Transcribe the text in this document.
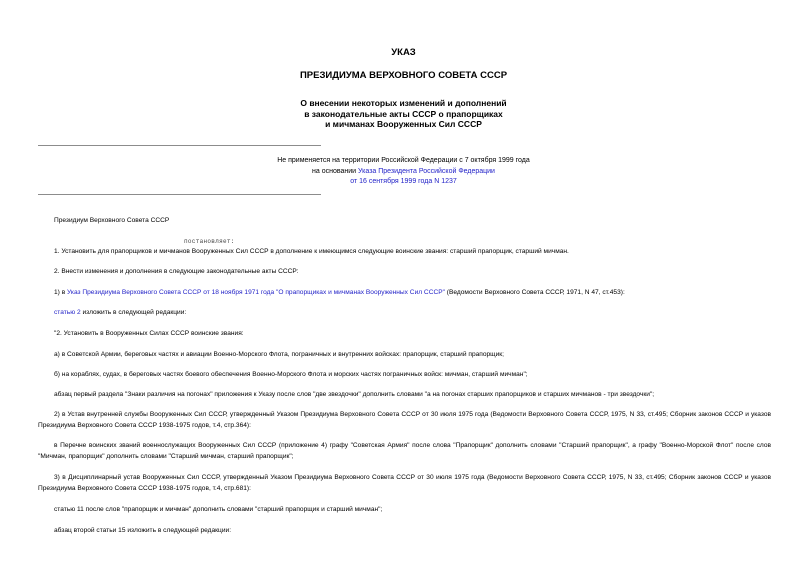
УКАЗ
ПРЕЗИДИУМА ВЕРХОВНОГО СОВЕТА СССР
О внесении некоторых изменений и дополнений
в законодательные акты СССР о прапорщиках
и мичманах Вооруженных Сил СССР
Не применяется на территории Российской Федерации с 7 октября 1999 года
на основании Указа Президента Российской Федерации
от 16 сентября 1999 года N 1237
Президиум Верховного Совета СССР
постановляет:
1. Установить для прапорщиков и мичманов Вооруженных Сил СССР в дополнение к имеющимся следующие воинские звания: старший прапорщик, старший мичман.
2. Внести изменения и дополнения в следующие законодательные акты СССР:
1) в Указ Президиума Верховного Совета СССР от 18 ноября 1971 года "О прапорщиках и мичманах Вооруженных Сил СССР" (Ведомости Верховного Совета СССР, 1971, N 47, ст.453):
статью 2 изложить в следующей редакции:
"2. Установить в Вооруженных Силах СССР воинские звания:
а) в Советской Армии, береговых частях и авиации Военно-Морского Флота, пограничных и внутренних войсках: прапорщик, старший прапорщик;
б) на кораблях, судах, в береговых частях боевого обеспечения Военно-Морского Флота и морских частях пограничных войск: мичман, старший мичман";
абзац первый раздела "Знаки различия на погонах" приложения к Указу после слов "две звездочки" дополнить словами "а на погонах старших прапорщиков и старших мичманов - три звездочки";
2) в Устав внутренней службы Вооруженных Сил СССР, утвержденный Указом Президиума Верховного Совета СССР от 30 июля 1975 года (Ведомости Верховного Совета СССР, 1975, N 33, ст.495; Сборник законов СССР и указов Президиума Верховного Совета СССР 1938-1975 годов, т.4, стр.364):
в Перечне воинских званий военнослужащих Вооруженных Сил СССР (приложение 4) графу "Советская Армия" после слова "Прапорщик" дополнить словами "Старший прапорщик", а графу "Военно-Морской Флот" после слов "Мичман, прапорщик" дополнить словами "Старший мичман, старший прапорщик";
3) в Дисциплинарный устав Вооруженных Сил СССР, утвержденный Указом Президиума Верховного Совета СССР от 30 июля 1975 года (Ведомости Верховного Совета СССР, 1975, N 33, ст.495; Сборник законов СССР и указов Президиума Верховного Совета СССР 1938-1975 годов, т.4, стр.681):
статью 11 после слов "прапорщик и мичман" дополнить словами "старший прапорщик и старший мичман";
абзац второй статьи 15 изложить в следующей редакции:
